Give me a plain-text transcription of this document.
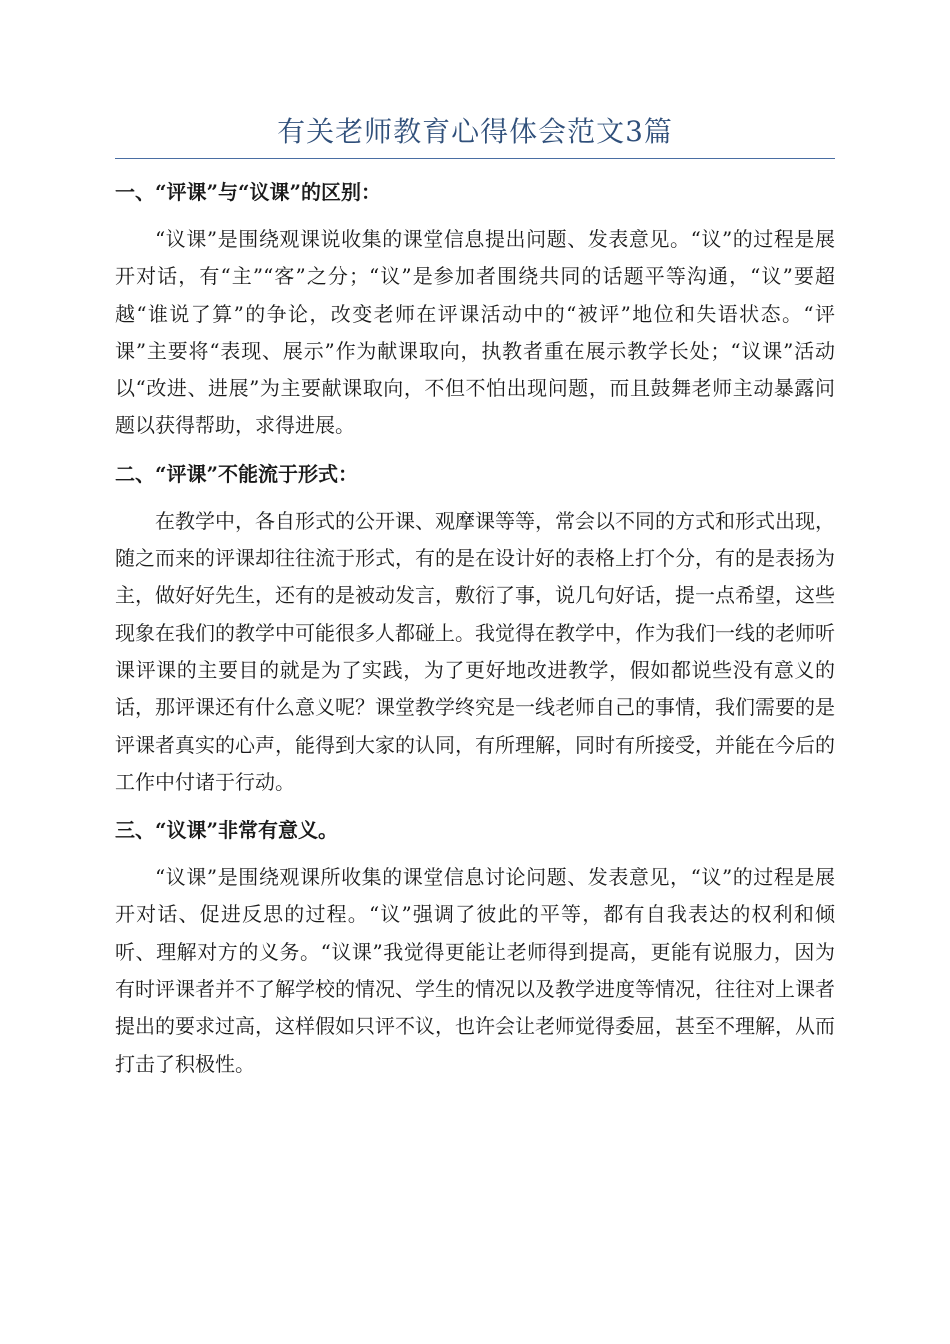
有关老师教育心得体会范文3篇
一、“评课”与“议课”的区别：

“议课”是围绕观课说收集的课堂信息提出问题、发表意见。“议”的过程是展开对话，有“主”“客”之分；“议”是参加者围绕共同的话题平等沟通，“议”要超越“谁说了算”的争论，改变老师在评课活动中的“被评”地位和失语状态。“评课”主要将“表现、展示”作为献课取向，执教者重在展示教学长处；“议课”活动以“改进、进展”为主要献课取向，不但不怕出现问题，而且鼓舞老师主动暴露问题以获得帮助，求得进展。

二、“评课”不能流于形式：

在教学中，各自形式的公开课、观摩课等等，常会以不同的方式和形式出现，随之而来的评课却往往流于形式，有的是在设计好的表格上打个分，有的是表扬为主，做好好先生，还有的是被动发言，敷衍了事，说几句好话，提一点希望，这些现象在我们的教学中可能很多人都碰上。我觉得在教学中，作为我们一线的老师听课评课的主要目的就是为了实践，为了更好地改进教学，假如都说些没有意义的话，那评课还有什么意义呢？课堂教学终究是一线老师自己的事情，我们需要的是评课者真实的心声，能得到大家的认同，有所理解，同时有所接受，并能在今后的工作中付诸于行动。

三、“议课”非常有意义。

“议课”是围绕观课所收集的课堂信息讨论问题、发表意见，“议”的过程是展开对话、促进反思的过程。“议”强调了彼此的平等，都有自我表达的权利和倾听、理解对方的义务。“议课”我觉得更能让老师得到提高，更能有说服力，因为有时评课者并不了解学校的情况、学生的情况以及教学进度等情况，往往对上课者提出的要求过高，这样假如只评不议，也许会让老师觉得委屈，甚至不理解，从而打击了积极性。
